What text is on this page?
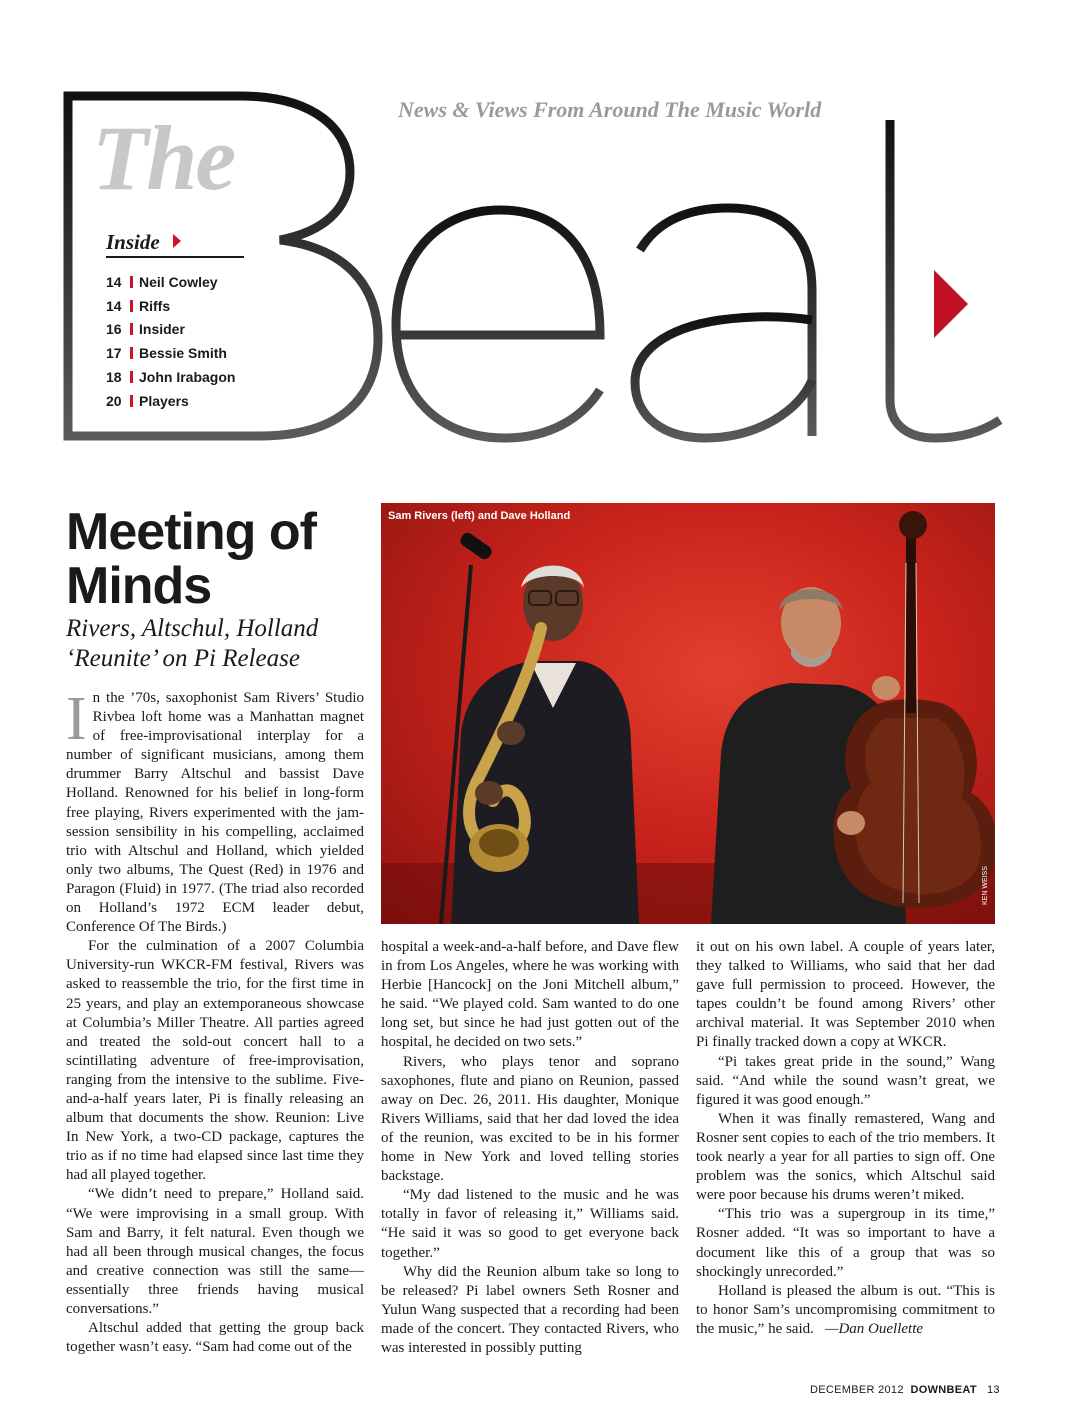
News & Views From Around The Music World
The
Inside
14	Neil Cowley
14	Riffs
16	Insider
17	Bessie Smith
18	John Irabagon
20	Players
Meeting of Minds
Rivers, Altschul, Holland ‘Reunite’ on Pi Release
Sam Rivers (left) and Dave Holland
KEN WEISS

In the ’70s, saxophonist Sam Rivers’ Studio Rivbea loft home was a Manhattan magnet of free-improvisational interplay for a number of significant musicians, among them drummer Barry Altschul and bassist Dave Holland. Renowned for his belief in long-form free playing, Rivers experimented with the jam-session sensibility in his compelling, acclaimed trio with Altschul and Holland, which yielded only two albums, The Quest (Red) in 1976 and Paragon (Fluid) in 1977. (The triad also recorded on Holland’s 1972 ECM leader debut, Conference Of The Birds.)

For the culmination of a 2007 Columbia University-run WKCR-FM festival, Rivers was asked to reassemble the trio, for the first time in 25 years, and play an extemporaneous showcase at Columbia’s Miller Theatre. All parties agreed and treated the sold-out concert hall to a scintillating adventure of free-improvisation, ranging from the intensive to the sublime. Five-and-a-half years later, Pi is finally releasing an album that documents the show. Reunion: Live In New York, a two-CD package, captures the trio as if no time had elapsed since last time they had all played together.

“We didn’t need to prepare,” Holland said. “We were improvising in a small group. With Sam and Barry, it felt natural. Even though we had all been through musical changes, the focus and creative connection was still the same—essentially three friends having musical conversations.”

Altschul added that getting the group back together wasn’t easy. “Sam had come out of the

hospital a week-and-a-half before, and Dave flew in from Los Angeles, where he was working with Herbie [Hancock] on the Joni Mitchell album,” he said. “We played cold. Sam wanted to do one long set, but since he had just gotten out of the hospital, he decided on two sets.”

Rivers, who plays tenor and soprano saxophones, flute and piano on Reunion, passed away on Dec. 26, 2011. His daughter, Monique Rivers Williams, said that her dad loved the idea of the reunion, was excited to be in his former home in New York and loved telling stories backstage.

“My dad listened to the music and he was totally in favor of releasing it,” Williams said. “He said it was so good to get everyone back together.”

Why did the Reunion album take so long to be released? Pi label owners Seth Rosner and Yulun Wang suspected that a recording had been made of the concert. They contacted Rivers, who was interested in possibly putting

it out on his own label. A couple of years later, they talked to Williams, who said that her dad gave full permission to proceed. However, the tapes couldn’t be found among Rivers’ other archival material. It was September 2010 when Pi finally tracked down a copy at WKCR.

“Pi takes great pride in the sound,” Wang said. “And while the sound wasn’t great, we figured it was good enough.”

When it was finally remastered, Wang and Rosner sent copies to each of the trio members. It took nearly a year for all parties to sign off. One problem was the sonics, which Altschul said were poor because his drums weren’t miked.

“This trio was a supergroup in its time,” Rosner added. “It was so important to have a document like this of a group that was so shockingly unrecorded.”

Holland is pleased the album is out. “This is to honor Sam’s uncompromising commitment to the music,” he said. —Dan Ouellette

DECEMBER 2012 DOWNBEAT 13
